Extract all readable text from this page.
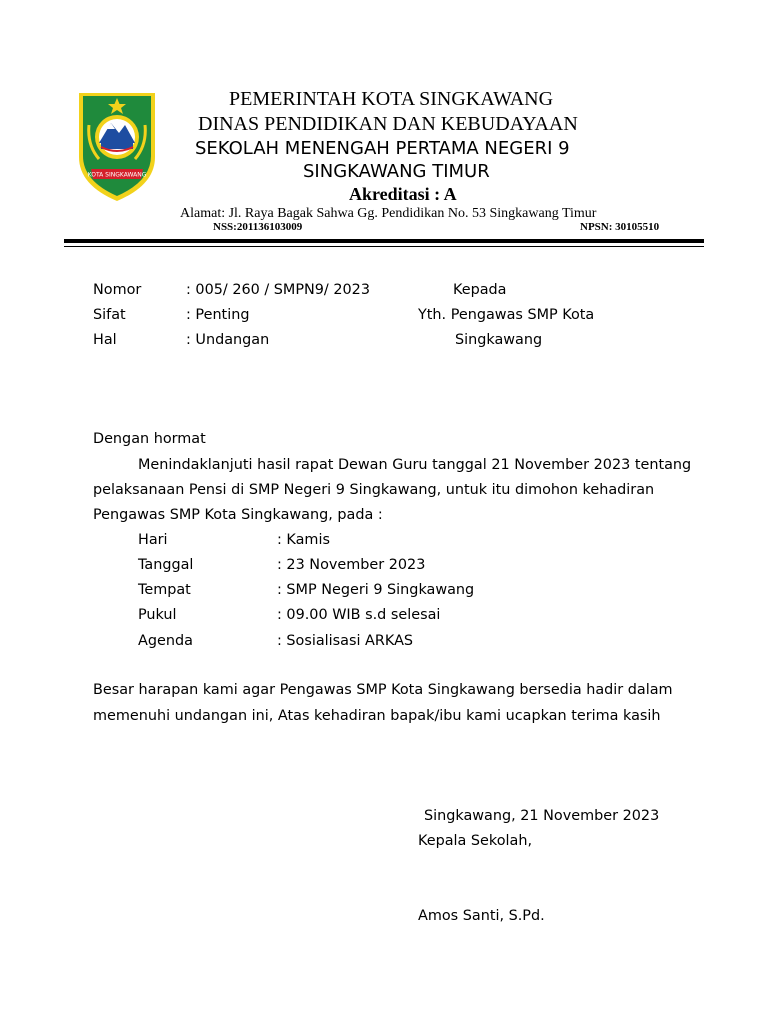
KOTA SINGKAWANG
PEMERINTAH KOTA SINGKAWANG
DINAS PENDIDIKAN DAN KEBUDAYAAN
SEKOLAH MENENGAH PERTAMA NEGERI 9
SINGKAWANG TIMUR
Akreditasi : A
Alamat: Jl. Raya Bagak Sahwa Gg. Pendidikan No. 53 Singkawang Timur
NSS:201136103009	NPSN: 30105510
Nomor	: 005/ 260 / SMPN9/ 2023
Sifat	: Penting
Hal	: Undangan
Kepada
Yth. Pengawas SMP Kota
Singkawang
Dengan hormat
Menindaklanjuti hasil rapat Dewan Guru tanggal 21 November 2023 tentang
pelaksanaan Pensi di SMP Negeri 9 Singkawang, untuk itu dimohon kehadiran
Pengawas SMP Kota Singkawang, pada :
Hari	: Kamis
Tanggal	: 23 November 2023
Tempat	: SMP Negeri 9 Singkawang
Pukul	: 09.00 WIB s.d selesai
Agenda	: Sosialisasi ARKAS
Besar harapan kami agar Pengawas SMP Kota Singkawang bersedia hadir dalam
memenuhi undangan ini, Atas kehadiran bapak/ibu kami ucapkan terima kasih
Singkawang, 21 November 2023
Kepala Sekolah,
Amos Santi, S.Pd.
